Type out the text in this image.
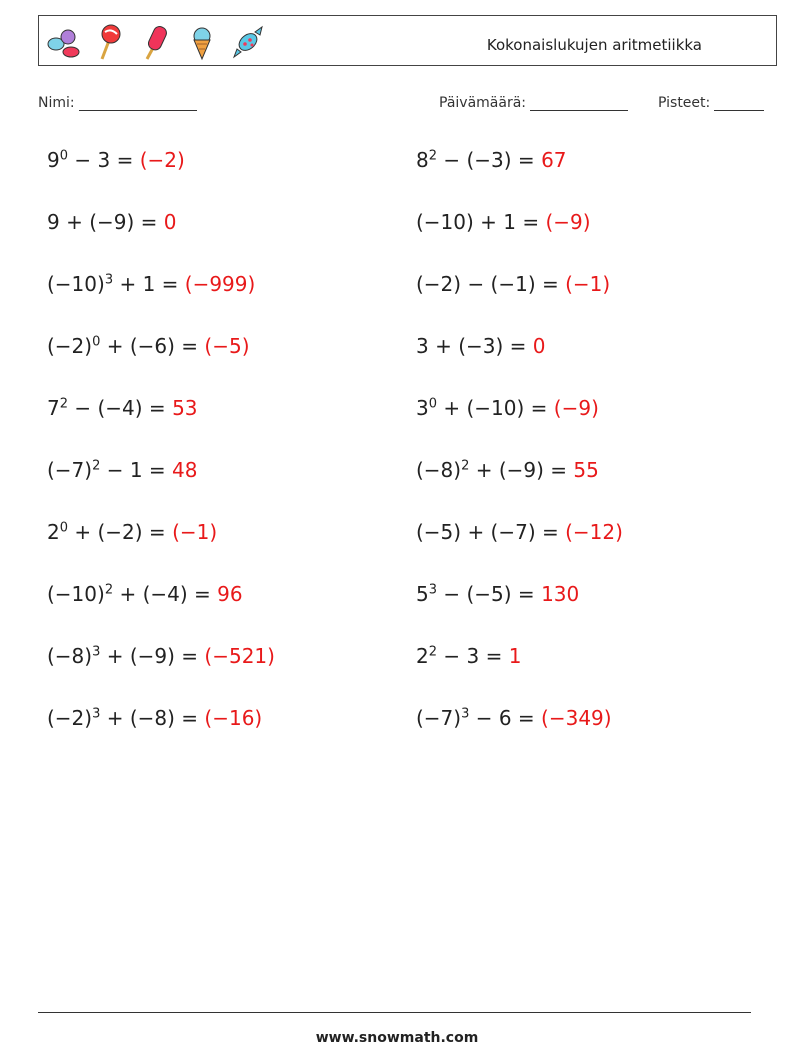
Kokonaislukujen aritmetiikka
Nimi:	Päivämäärä:	Pisteet:
$9^0 - 3 = (-2)$
9 + (−9) = 0
$(-10)^3 + 1 = (-999)$
$(-2)^0 + (-6) = (-5)$
$7^2 - (-4) = 53$
$(-7)^2 - 1 = 48$
$2^0 + (-2) = (-1)$
$(-10)^2 + (-4) = 96$
$(-8)^3 + (-9) = (-521)$
$(-2)^3 + (-8) = (-16)$
$8^2 - (-3) = 67$
(−10) + 1 = (−9)
(−2) − (−1) = (−1)
3 + (−3) = 0
$3^0 + (-10) = (-9)$
$(-8)^2 + (-9) = 55$
(−5) + (−7) = (−12)
$5^3 - (-5) = 130$
$2^2 - 3 = 1$
$(-7)^3 - 6 = (-349)$
www.snowmath.com
